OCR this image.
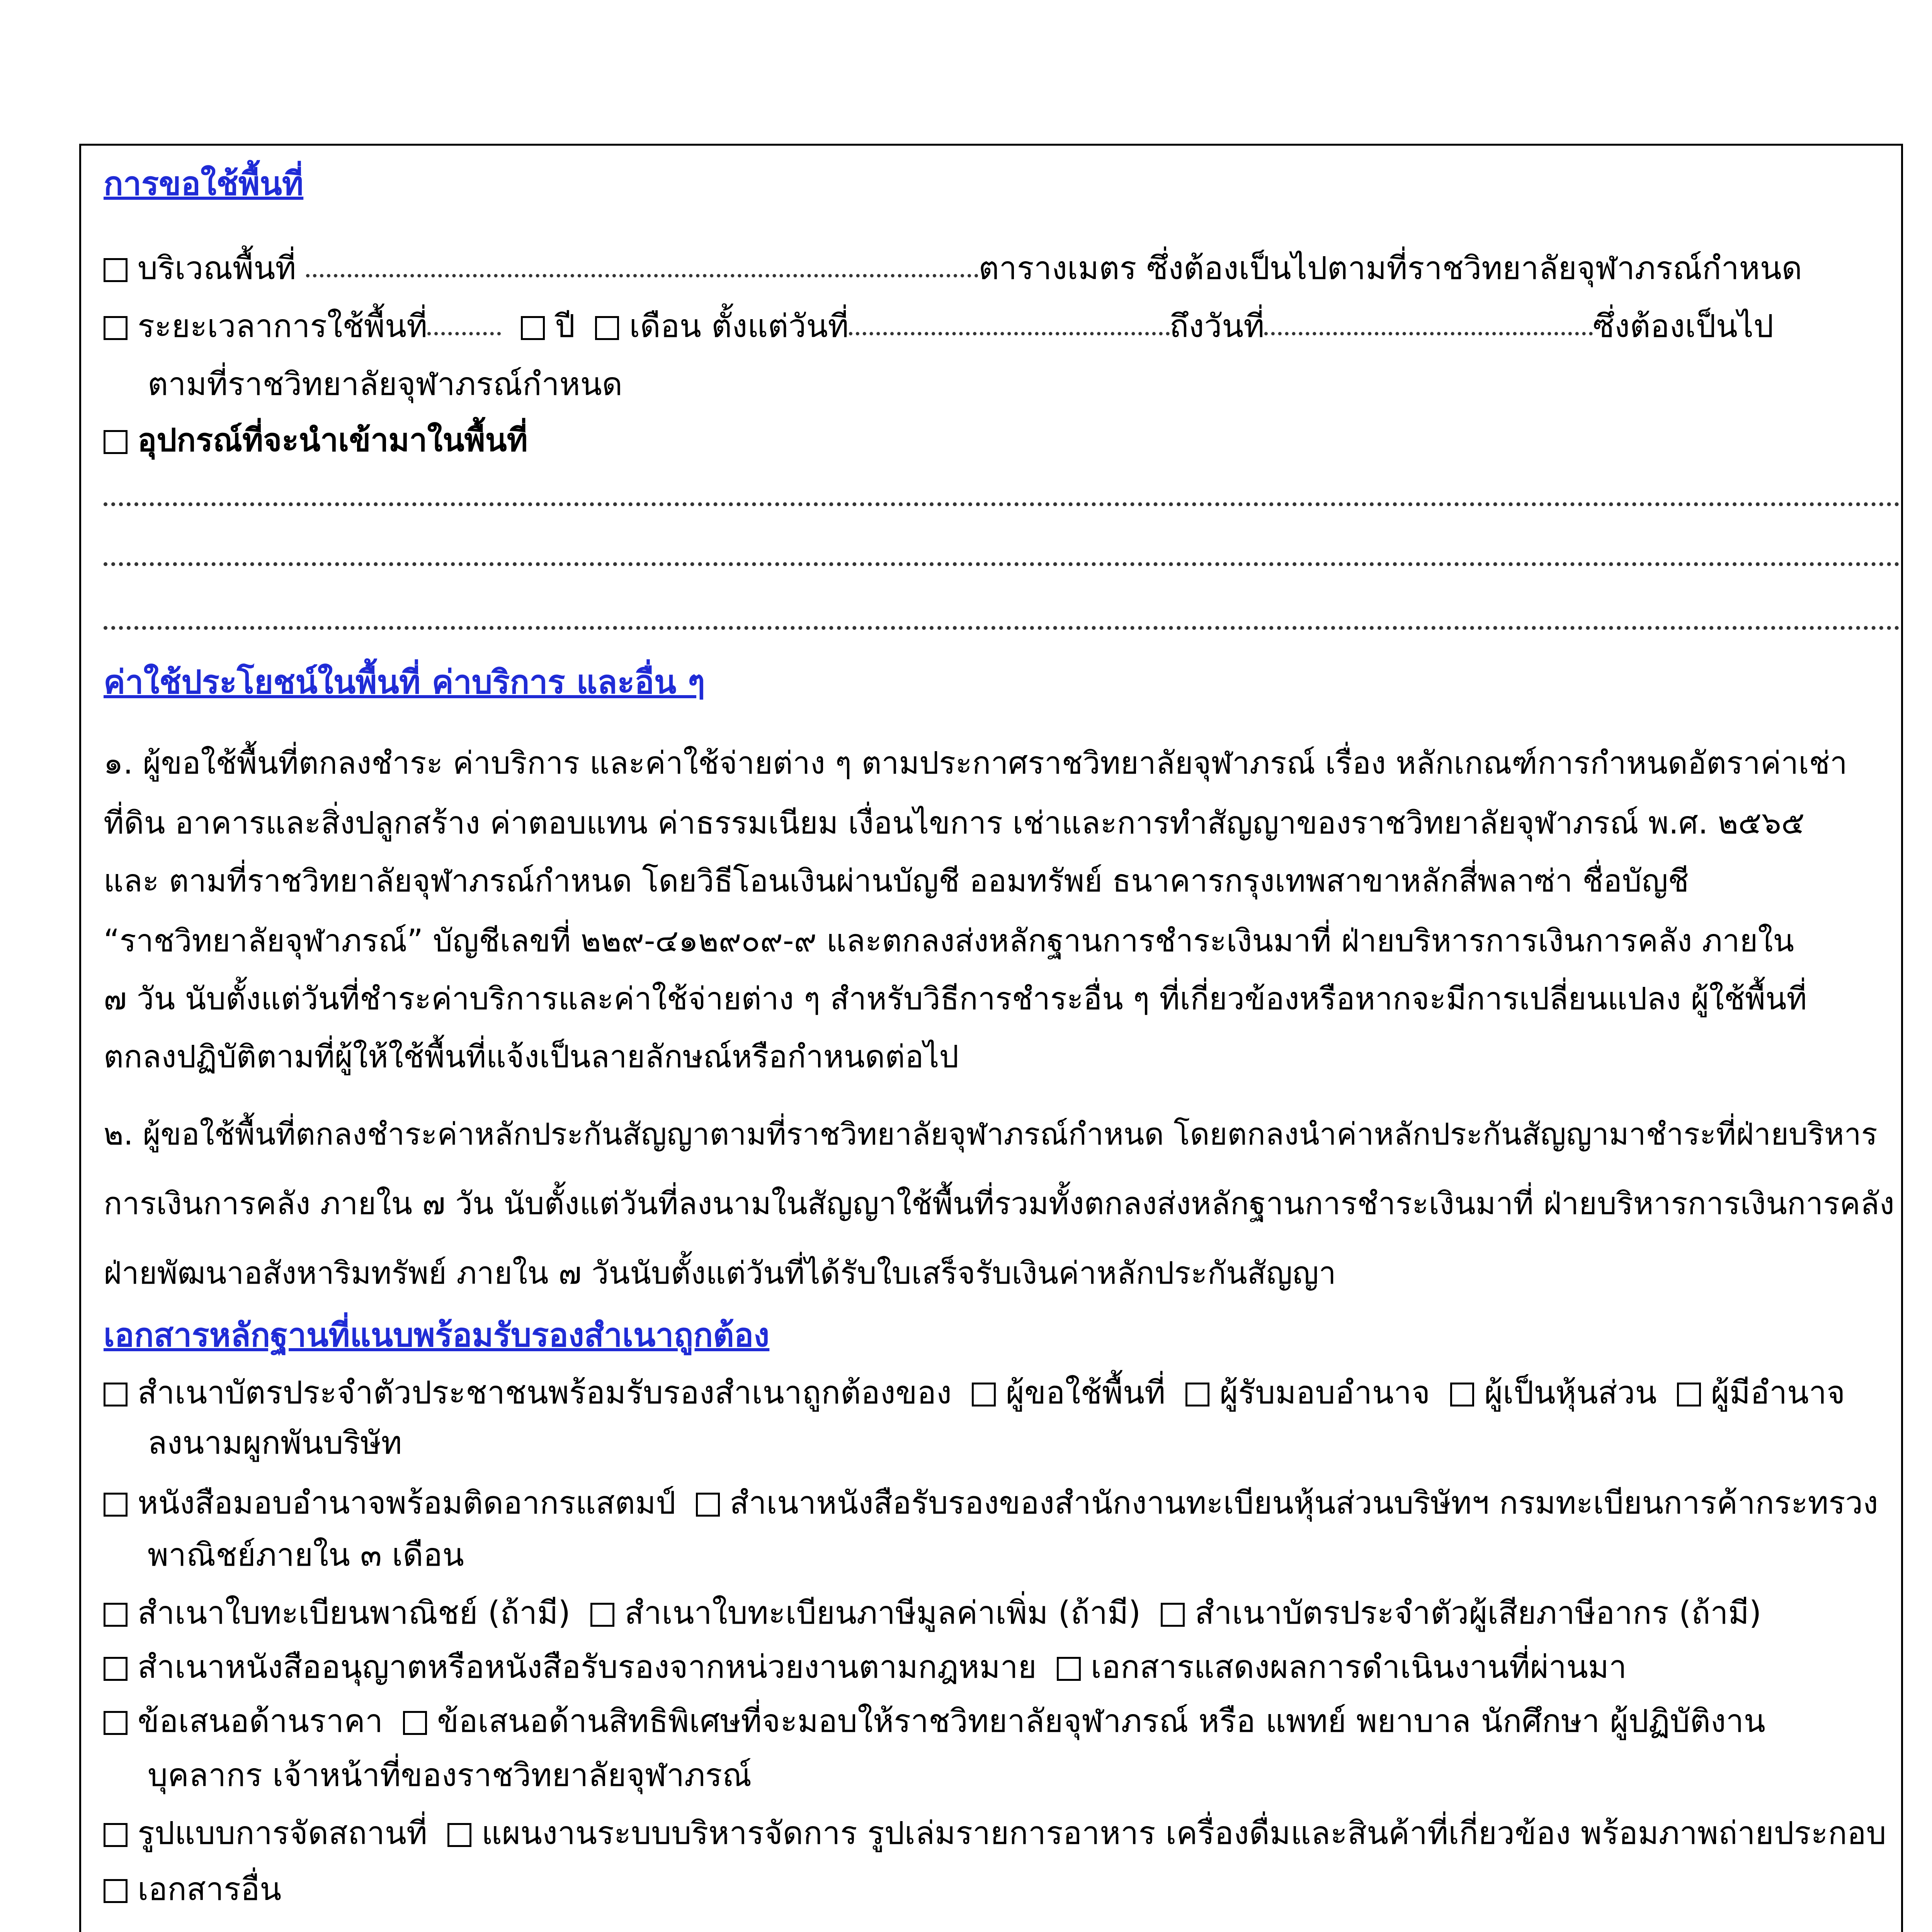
การขอใช้พื้นที่
บริเวณพื้นที่	ตารางเมตร ซึ่งต้องเป็นไปตามที่ราชวิทยาลัยจุฬาภรณ์กำหนด
ระยะเวลาการใช้พื้นที่	ปี เดือน ตั้งแต่วันที่	ถึงวันที่	ซึ่งต้องเป็นไป
ตามที่ราชวิทยาลัยจุฬาภรณ์กำหนด
อุปกรณ์ที่จะนำเข้ามาในพื้นที่
ค่าใช้ประโยชน์ในพื้นที่ ค่าบริการ และอื่น ๆ
๑. ผู้ขอใช้พื้นที่ตกลงชำระ ค่าบริการ และค่าใช้จ่ายต่าง ๆ ตามประกาศราชวิทยาลัยจุฬาภรณ์ เรื่อง หลักเกณฑ์การกำหนดอัตราค่าเช่า
ที่ดิน อาคารและสิ่งปลูกสร้าง ค่าตอบแทน ค่าธรรมเนียม เงื่อนไขการ เช่าและการทำสัญญาของราชวิทยาลัยจุฬาภรณ์ พ.ศ. ๒๕๖๕
และ ตามที่ราชวิทยาลัยจุฬาภรณ์กำหนด โดยวิธีโอนเงินผ่านบัญชี ออมทรัพย์ ธนาคารกรุงเทพสาขาหลักสี่พลาซ่า ชื่อบัญชี
“ราชวิทยาลัยจุฬาภรณ์” บัญชีเลขที่ ๒๒๙-๔๑๒๙๐๙-๙ และตกลงส่งหลักฐานการชำระเงินมาที่ ฝ่ายบริหารการเงินการคลัง ภายใน
๗ วัน นับตั้งแต่วันที่ชำระค่าบริการและค่าใช้จ่ายต่าง ๆ สำหรับวิธีการชำระอื่น ๆ ที่เกี่ยวข้องหรือหากจะมีการเปลี่ยนแปลง ผู้ใช้พื้นที่
ตกลงปฏิบัติตามที่ผู้ให้ใช้พื้นที่แจ้งเป็นลายลักษณ์หรือกำหนดต่อไป
๒. ผู้ขอใช้พื้นที่ตกลงชำระค่าหลักประกันสัญญาตามที่ราชวิทยาลัยจุฬาภรณ์กำหนด โดยตกลงนำค่าหลักประกันสัญญามาชำระที่ฝ่ายบริหาร
การเงินการคลัง ภายใน ๗ วัน นับตั้งแต่วันที่ลงนามในสัญญาใช้พื้นที่รวมทั้งตกลงส่งหลักฐานการชำระเงินมาที่ ฝ่ายบริหารการเงินการคลัง
ฝ่ายพัฒนาอสังหาริมทรัพย์ ภายใน ๗ วันนับตั้งแต่วันที่ได้รับใบเสร็จรับเงินค่าหลักประกันสัญญา
เอกสารหลักฐานที่แนบพร้อมรับรองสำเนาถูกต้อง
สำเนาบัตรประจำตัวประชาชนพร้อมรับรองสำเนาถูกต้องของ ผู้ขอใช้พื้นที่ ผู้รับมอบอำนาจ ผู้เป็นหุ้นส่วน ผู้มีอำนาจ
ลงนามผูกพันบริษัท
หนังสือมอบอำนาจพร้อมติดอากรแสตมป์ สำเนาหนังสือรับรองของสำนักงานทะเบียนหุ้นส่วนบริษัทฯ กรมทะเบียนการค้ากระทรวง
พาณิชย์ภายใน ๓ เดือน
สำเนาใบทะเบียนพาณิชย์ (ถ้ามี) สำเนาใบทะเบียนภาษีมูลค่าเพิ่ม (ถ้ามี) สำเนาบัตรประจำตัวผู้เสียภาษีอากร (ถ้ามี)
สำเนาหนังสืออนุญาตหรือหนังสือรับรองจากหน่วยงานตามกฎหมาย เอกสารแสดงผลการดำเนินงานที่ผ่านมา
ข้อเสนอด้านราคา ข้อเสนอด้านสิทธิพิเศษที่จะมอบให้ราชวิทยาลัยจุฬาภรณ์ หรือ แพทย์ พยาบาล นักศึกษา ผู้ปฏิบัติงาน
บุคลากร เจ้าหน้าที่ของราชวิทยาลัยจุฬาภรณ์
รูปแบบการจัดสถานที่ แผนงานระบบบริหารจัดการ รูปเล่มรายการอาหาร เครื่องดื่มและสินค้าที่เกี่ยวข้อง พร้อมภาพถ่ายประกอบ
เอกสารอื่น
